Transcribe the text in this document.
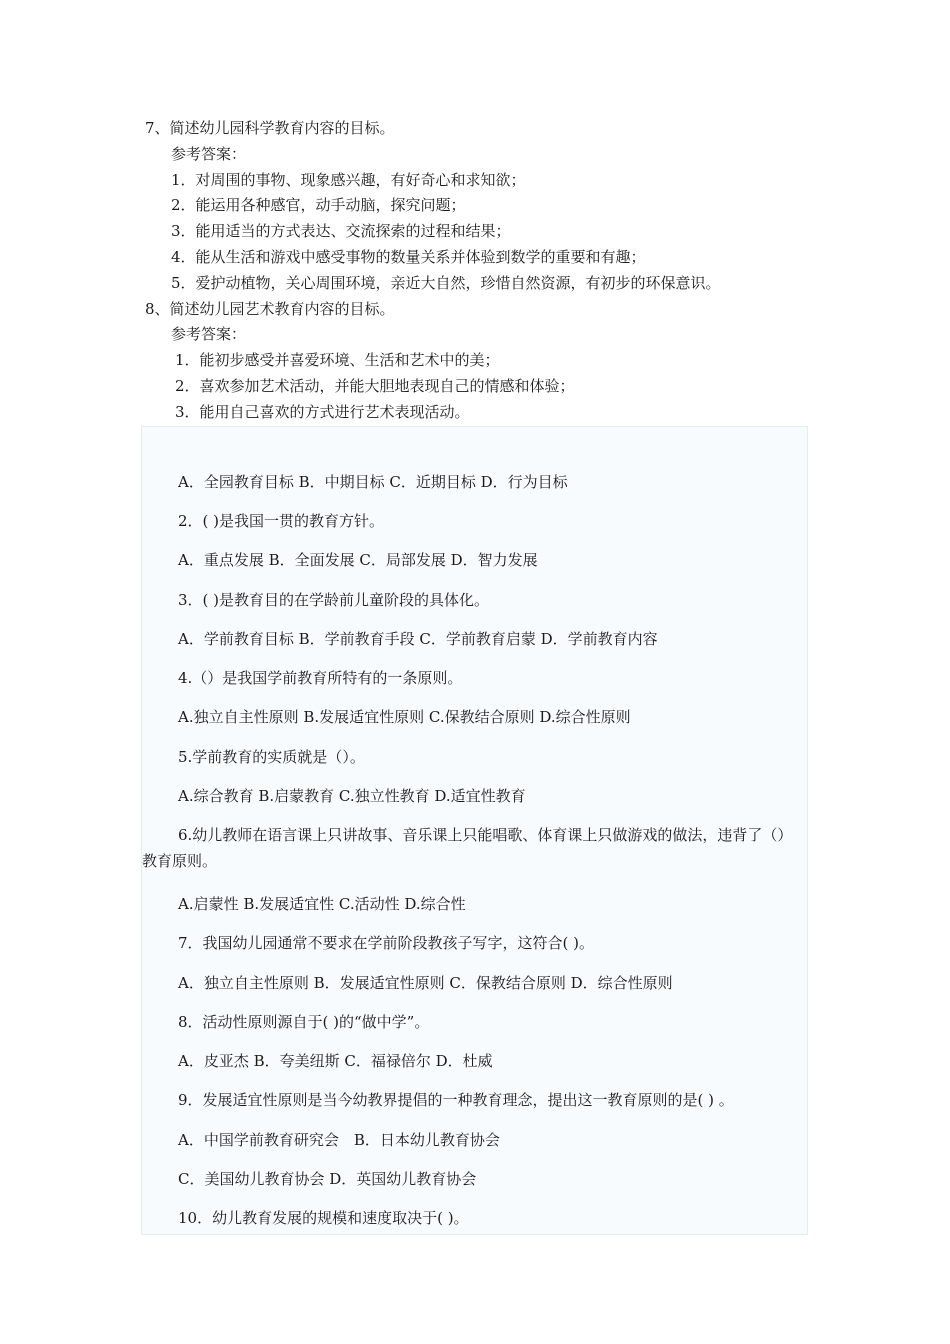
7、简述幼儿园科学教育内容的目标。
参考答案：
1．对周围的事物、现象感兴趣，有好奇心和求知欲；
2．能运用各种感官，动手动脑，探究问题；
3．能用适当的方式表达、交流探索的过程和结果；
4．能从生活和游戏中感受事物的数量关系并体验到数学的重要和有趣；
5．爱护动植物，关心周围环境，亲近大自然，珍惜自然资源，有初步的环保意识。
8、简述幼儿园艺术教育内容的目标。
参考答案：
1．能初步感受并喜爱环境、生活和艺术中的美；
2．喜欢参加艺术活动，并能大胆地表现自己的情感和体验；
3．能用自己喜欢的方式进行艺术表现活动。
A．全园教育目标 B．中期目标 C．近期目标 D．行为目标
2．( )是我国一贯的教育方针。
A．重点发展 B．全面发展 C．局部发展 D．智力发展
3．( )是教育目的在学龄前儿童阶段的具体化。
A．学前教育目标 B．学前教育手段 C．学前教育启蒙 D．学前教育内容
4.（）是我国学前教育所特有的一条原则。
A.独立自主性原则 B.发展适宜性原则 C.保教结合原则 D.综合性原则
5.学前教育的实质就是（）。
A.综合教育 B.启蒙教育 C.独立性教育 D.适宜性教育
6.幼儿教师在语言课上只讲故事、音乐课上只能唱歌、体育课上只做游戏的做法，违背了（）教育原则。
A.启蒙性 B.发展适宜性 C.活动性 D.综合性
7．我国幼儿园通常不要求在学前阶段教孩子写字，这符合( )。
A．独立自主性原则 B．发展适宜性原则 C．保教结合原则 D．综合性原则
8．活动性原则源自于( )的“做中学”。
A．皮亚杰 B．夸美纽斯 C．福禄倍尔 D．杜威
9．发展适宜性原则是当今幼教界提倡的一种教育理念，提出这一教育原则的是( ) 。
A．中国学前教育研究会　B．日本幼儿教育协会
C．美国幼儿教育协会 D．英国幼儿教育协会
10．幼儿教育发展的规模和速度取决于( )。
